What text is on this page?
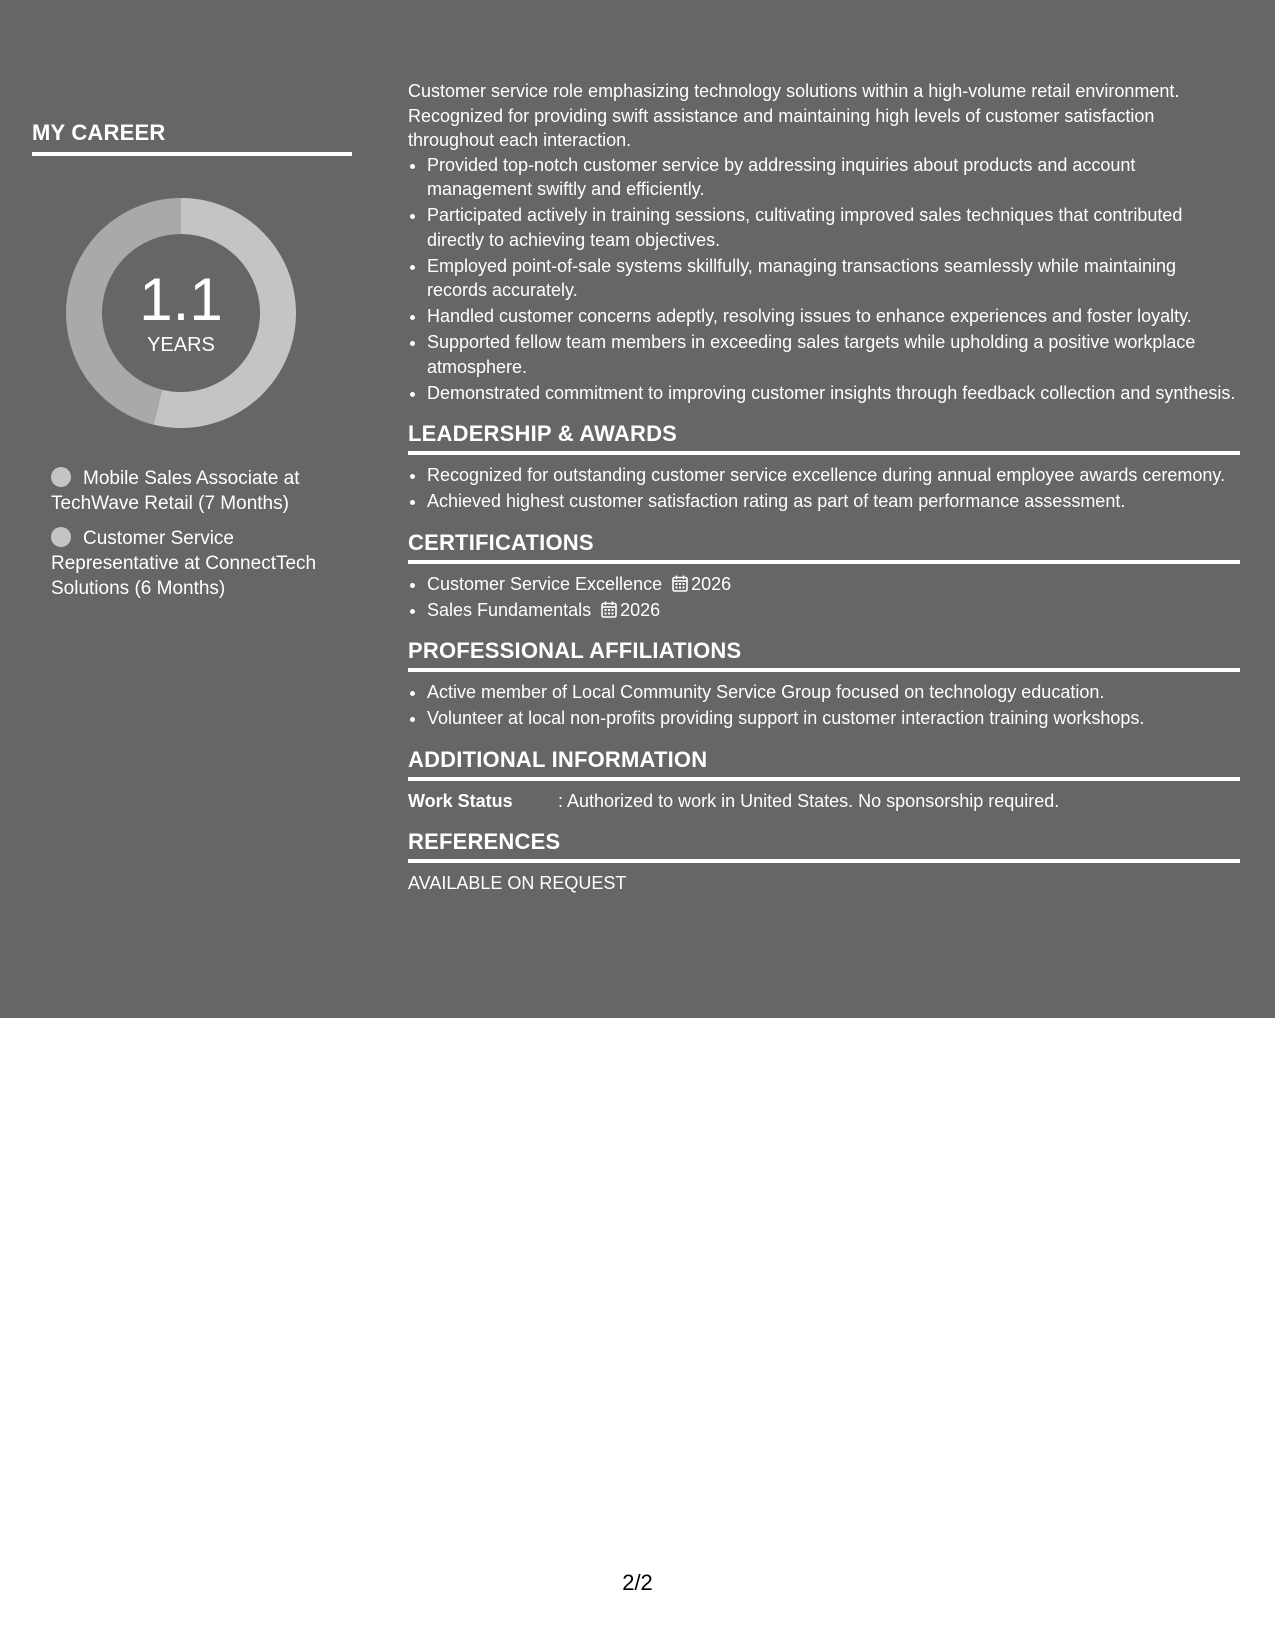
MY CAREER
1.1
YEARS
Mobile Sales Associate at TechWave Retail (7 Months)
Customer Service Representative at ConnectTech Solutions (6 Months)

Customer service role emphasizing technology solutions within a high-volume retail environment. Recognized for providing swift assistance and maintaining high levels of customer satisfaction throughout each interaction.

• Provided top-notch customer service by addressing inquiries about products and account management swiftly and efficiently.
• Participated actively in training sessions, cultivating improved sales techniques that contributed directly to achieving team objectives.
• Employed point-of-sale systems skillfully, managing transactions seamlessly while maintaining records accurately.
• Handled customer concerns adeptly, resolving issues to enhance experiences and foster loyalty.
• Supported fellow team members in exceeding sales targets while upholding a positive workplace atmosphere.
• Demonstrated commitment to improving customer insights through feedback collection and synthesis.
LEADERSHIP & AWARDS
• Recognized for outstanding customer service excellence during annual employee awards ceremony.
• Achieved highest customer satisfaction rating as part of team performance assessment.
CERTIFICATIONS
• Customer Service Excellence 2026
• Sales Fundamentals 2026
PROFESSIONAL AFFILIATIONS
• Active member of Local Community Service Group focused on technology education.
• Volunteer at local non-profits providing support in customer interaction training workshops.
ADDITIONAL INFORMATION
Work Status	: Authorized to work in United States. No sponsorship required.
REFERENCES
AVAILABLE ON REQUEST
2/2
